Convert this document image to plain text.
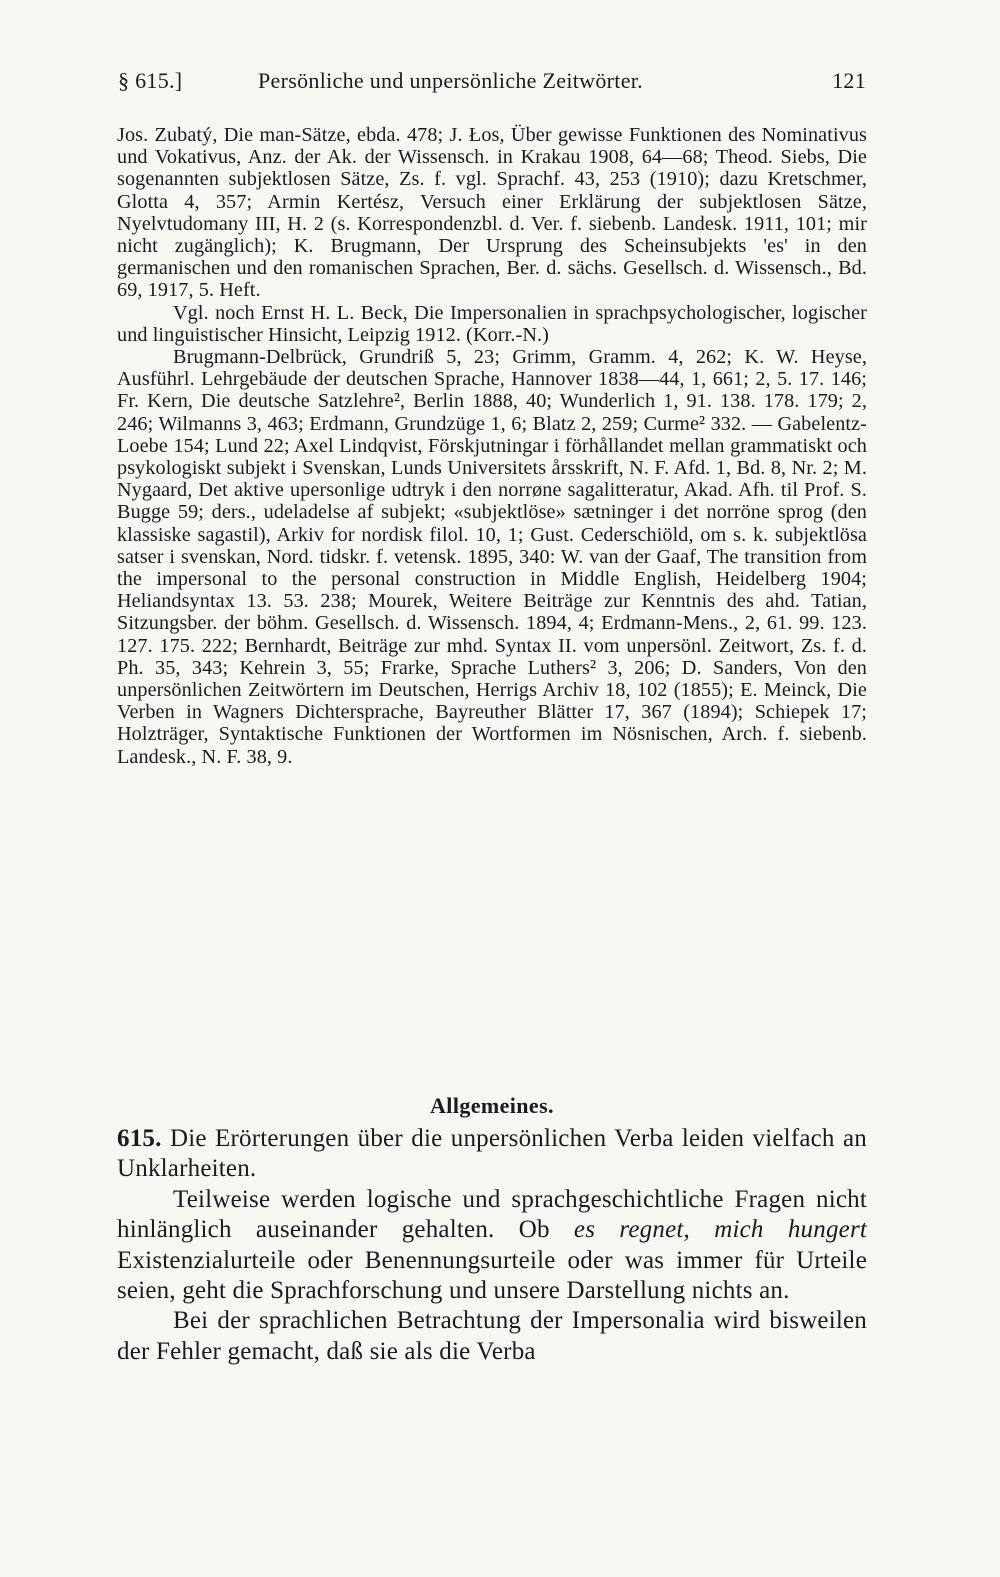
§ 615.]	Persönliche und unpersönliche Zeitwörter.	121

Jos. Zubatý, Die man-Sätze, ebda. 478; J. Łos, Über gewisse Funktionen des Nominativus und Vokativus, Anz. der Ak. der Wissensch. in Krakau 1908, 64—68; Theod. Siebs, Die sogenannten subjektlosen Sätze, Zs. f. vgl. Sprachf. 43, 253 (1910); dazu Kretschmer, Glotta 4, 357; Armin Kertész, Versuch einer Erklärung der subjektlosen Sätze, Nyelvtudomany III, H. 2 (s. Korrespondenzbl. d. Ver. f. siebenb. Landesk. 1911, 101; mir nicht zugänglich); K. Brugmann, Der Ursprung des Scheinsubjekts 'es' in den germanischen und den romanischen Sprachen, Ber. d. sächs. Gesellsch. d. Wissensch., Bd. 69, 1917, 5. Heft.

Vgl. noch Ernst H. L. Beck, Die Impersonalien in sprachpsychologischer, logischer und linguistischer Hinsicht, Leipzig 1912. (Korr.-N.)

Brugmann-Delbrück, Grundriß 5, 23; Grimm, Gramm. 4, 262; K. W. Heyse, Ausführl. Lehrgebäude der deutschen Sprache, Hannover 1838—44, 1, 661; 2, 5. 17. 146; Fr. Kern, Die deutsche Satzlehre², Berlin 1888, 40; Wunderlich 1, 91. 138. 178. 179; 2, 246; Wilmanns 3, 463; Erdmann, Grundzüge 1, 6; Blatz 2, 259; Curme² 332. — Gabelentz-Loebe 154; Lund 22; Axel Lindqvist, Förskjutningar i förhållandet mellan grammatiskt och psykologiskt subjekt i Svenskan, Lunds Universitets årsskrift, N. F. Afd. 1, Bd. 8, Nr. 2; M. Nygaard, Det aktive upersonlige udtryk i den norrøne sagalitteratur, Akad. Afh. til Prof. S. Bugge 59; ders., udeladelse af subjekt; «subjektlöse» sætninger i det norröne sprog (den klassiske sagastil), Arkiv for nordisk filol. 10, 1; Gust. Cederschiöld, om s. k. subjektlösa satser i svenskan, Nord. tidskr. f. vetensk. 1895, 340: W. van der Gaaf, The transition from the impersonal to the personal construction in Middle English, Heidelberg 1904; Heliandsyntax 13. 53. 238; Mourek, Weitere Beiträge zur Kenntnis des ahd. Tatian, Sitzungsber. der böhm. Gesellsch. d. Wissensch. 1894, 4; Erdmann-Mens., 2, 61. 99. 123. 127. 175. 222; Bernhardt, Beiträge zur mhd. Syntax II. vom unpersönl. Zeitwort, Zs. f. d. Ph. 35, 343; Kehrein 3, 55; Frarke, Sprache Luthers² 3, 206; D. Sanders, Von den unpersönlichen Zeitwörtern im Deutschen, Herrigs Archiv 18, 102 (1855); E. Meinck, Die Verben in Wagners Dichtersprache, Bayreuther Blätter 17, 367 (1894); Schiepek 17; Holzträger, Syntaktische Funktionen der Wortformen im Nösnischen, Arch. f. siebenb. Landesk., N. F. 38, 9.

Allgemeines.

615. Die Erörterungen über die unpersönlichen Verba leiden vielfach an Unklarheiten.

Teilweise werden logische und sprachgeschichtliche Fragen nicht hinlänglich auseinander gehalten. Ob es regnet, mich hungert Existenzialurteile oder Benennungsurteile oder was immer für Urteile seien, geht die Sprachforschung und unsere Darstellung nichts an.

Bei der sprachlichen Betrachtung der Impersonalia wird bisweilen der Fehler gemacht, daß sie als die Verba
